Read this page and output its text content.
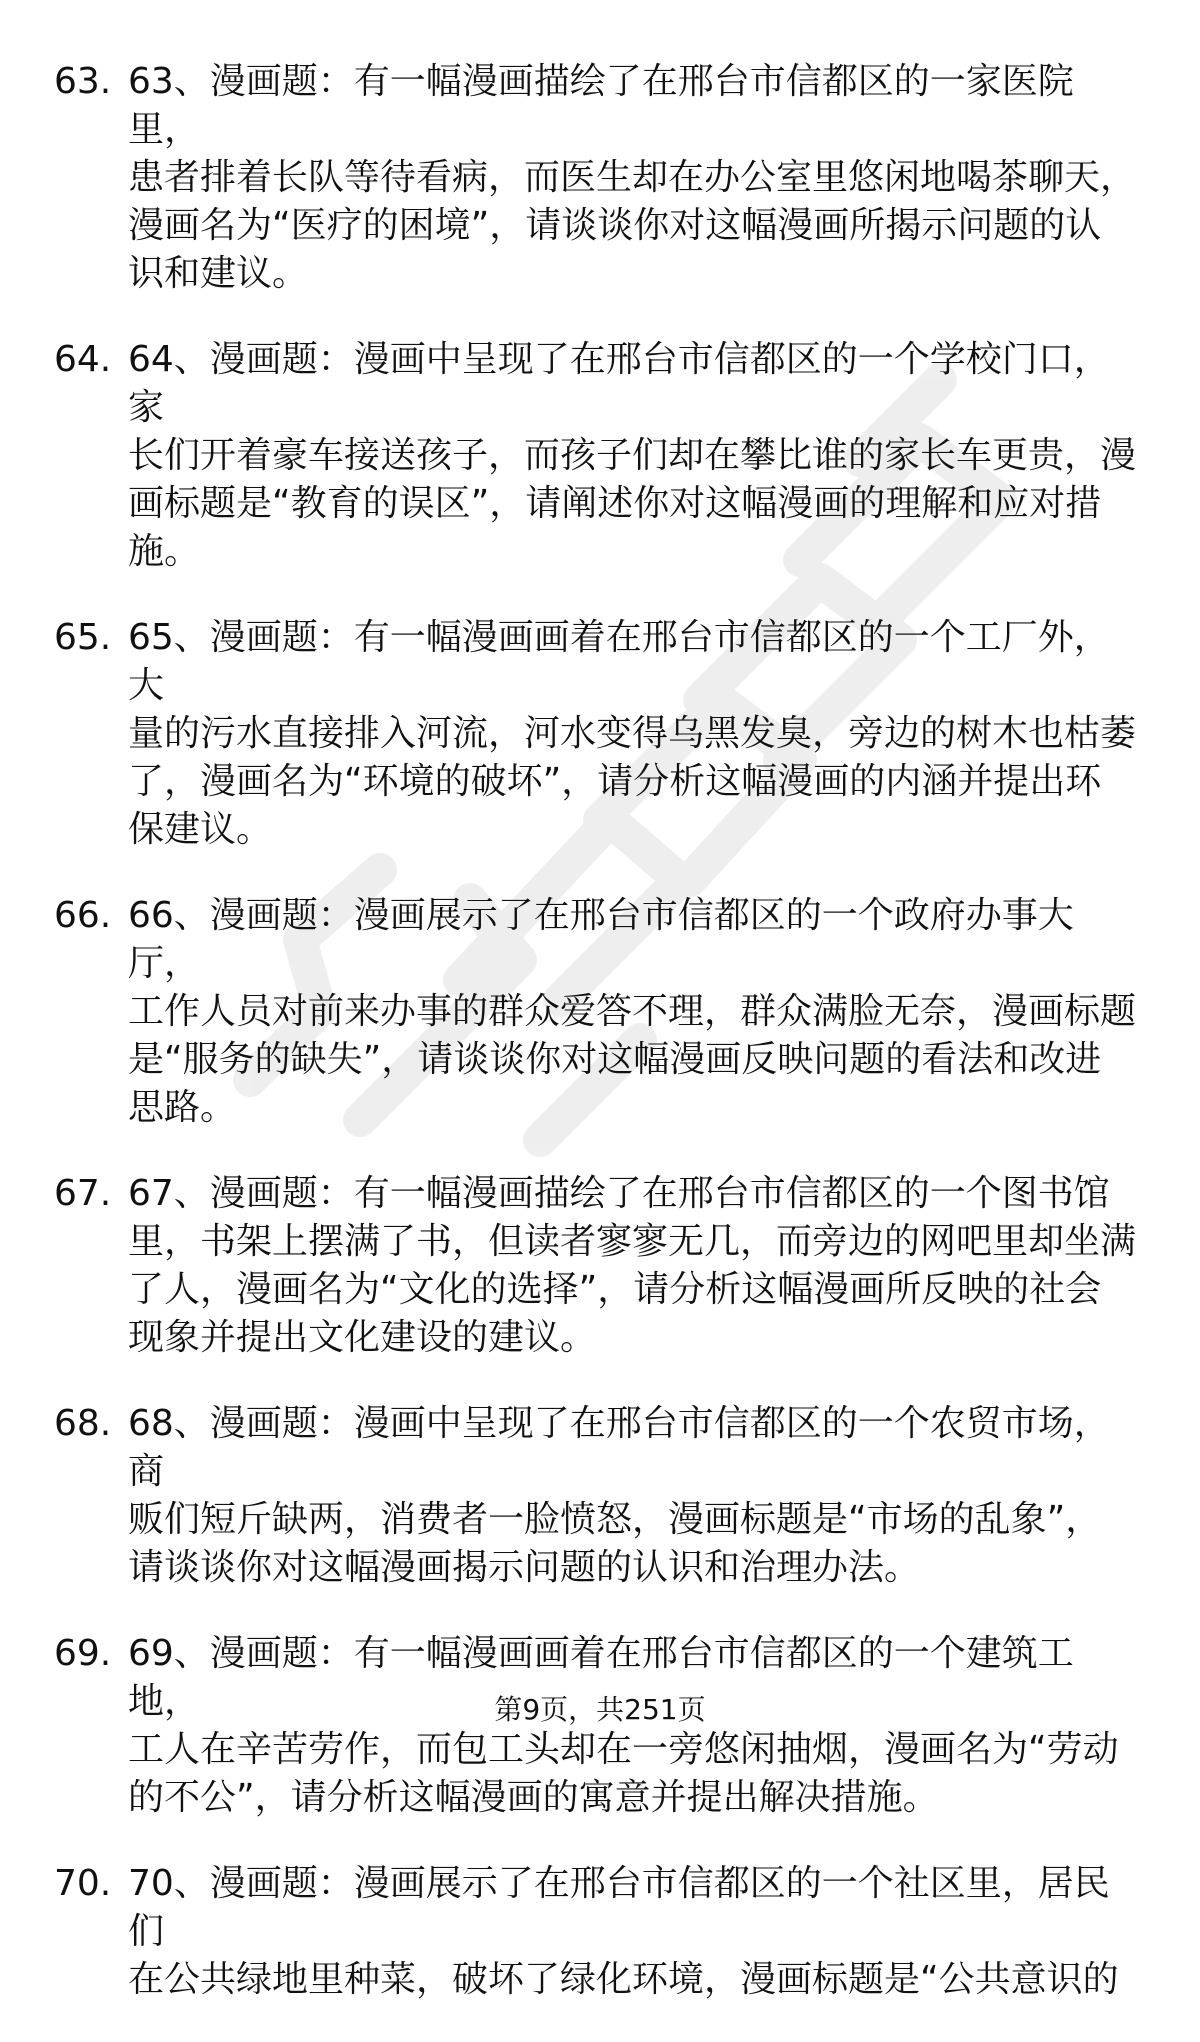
63. 63、漫画题：有一幅漫画描绘了在邢台市信都区的一家医院里，
患者排着长队等待看病，而医生却在办公室里悠闲地喝茶聊天，
漫画名为“医疗的困境”，请谈谈你对这幅漫画所揭示问题的认
识和建议。
64. 64、漫画题：漫画中呈现了在邢台市信都区的一个学校门口，家
长们开着豪车接送孩子，而孩子们却在攀比谁的家长车更贵，漫
画标题是“教育的误区”，请阐述你对这幅漫画的理解和应对措
施。
65. 65、漫画题：有一幅漫画画着在邢台市信都区的一个工厂外，大
量的污水直接排入河流，河水变得乌黑发臭，旁边的树木也枯萎
了，漫画名为“环境的破坏”，请分析这幅漫画的内涵并提出环
保建议。
66. 66、漫画题：漫画展示了在邢台市信都区的一个政府办事大厅，
工作人员对前来办事的群众爱答不理，群众满脸无奈，漫画标题
是“服务的缺失”，请谈谈你对这幅漫画反映问题的看法和改进
思路。
67. 67、漫画题：有一幅漫画描绘了在邢台市信都区的一个图书馆
里，书架上摆满了书，但读者寥寥无几，而旁边的网吧里却坐满
了人，漫画名为“文化的选择”，请分析这幅漫画所反映的社会
现象并提出文化建设的建议。
68. 68、漫画题：漫画中呈现了在邢台市信都区的一个农贸市场，商
贩们短斤缺两，消费者一脸愤怒，漫画标题是“市场的乱象”，
请谈谈你对这幅漫画揭示问题的认识和治理办法。
69. 69、漫画题：有一幅漫画画着在邢台市信都区的一个建筑工地，
工人在辛苦劳作，而包工头却在一旁悠闲抽烟，漫画名为“劳动
的不公”，请分析这幅漫画的寓意并提出解决措施。
70. 70、漫画题：漫画展示了在邢台市信都区的一个社区里，居民们
在公共绿地里种菜，破坏了绿化环境，漫画标题是“公共意识的
第9页，共251页
